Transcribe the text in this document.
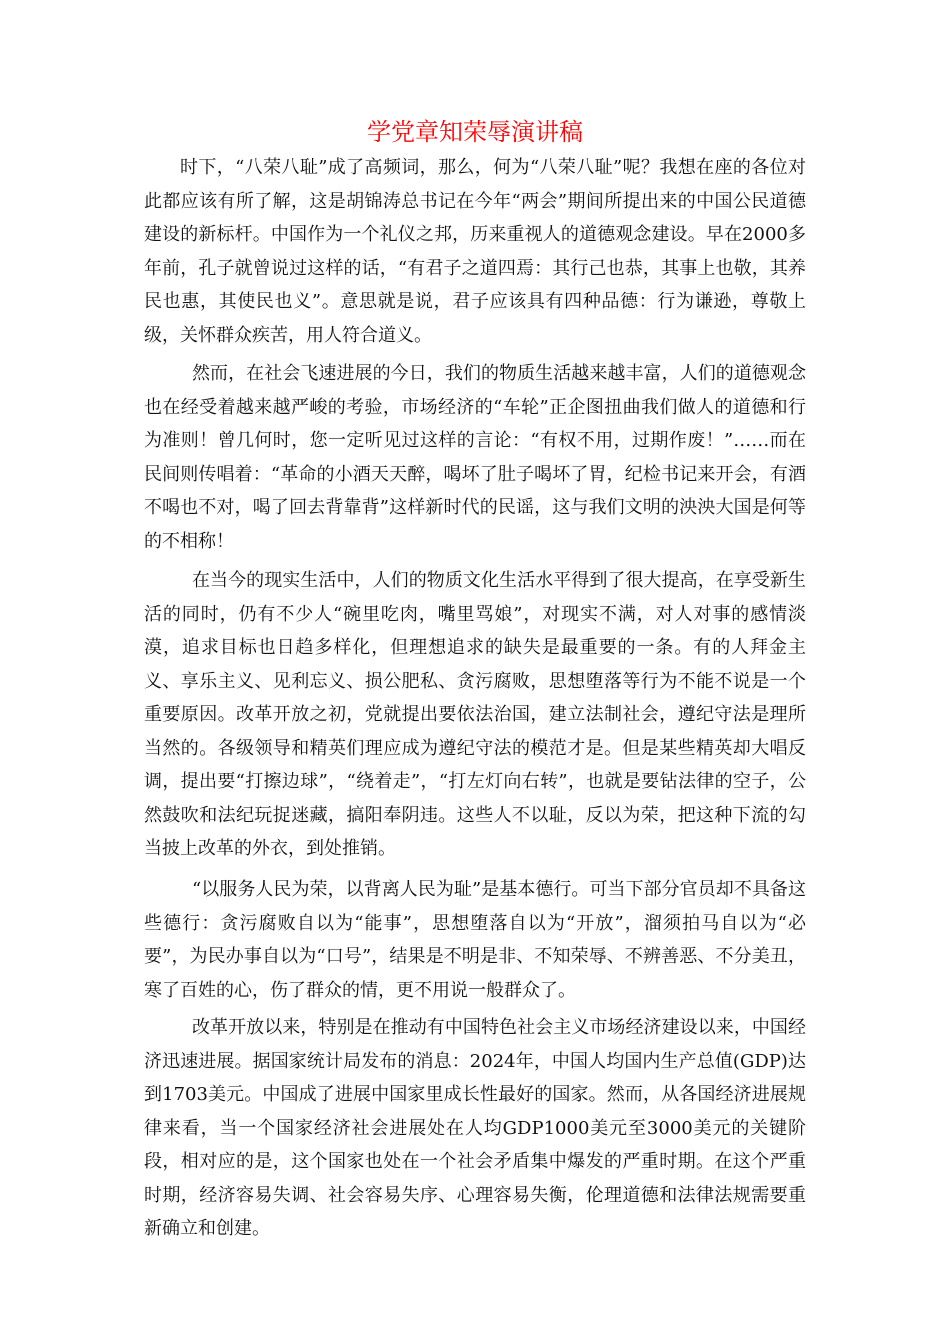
学党章知荣辱演讲稿

时下，“八荣八耻”成了高频词，那么，何为“八荣八耻”呢？我想在座的各位对此都应该有所了解，这是胡锦涛总书记在今年“两会”期间所提出来的中国公民道德建设的新标杆。中国作为一个礼仪之邦，历来重视人的道德观念建设。早在2000多年前，孔子就曾说过这样的话，“有君子之道四焉：其行己也恭，其事上也敬，其养民也惠，其使民也义”。意思就是说，君子应该具有四种品德：行为谦逊，尊敬上级，关怀群众疾苦，用人符合道义。

然而，在社会飞速进展的今日，我们的物质生活越来越丰富，人们的道德观念也在经受着越来越严峻的考验，市场经济的“车轮”正企图扭曲我们做人的道德和行为准则！曾几何时，您一定听见过这样的言论：“有权不用，过期作废！”……而在民间则传唱着：“革命的小酒天天醉，喝坏了肚子喝坏了胃，纪检书记来开会，有酒不喝也不对，喝了回去背靠背”这样新时代的民谣，这与我们文明的泱泱大国是何等的不相称！

在当今的现实生活中，人们的物质文化生活水平得到了很大提高，在享受新生活的同时，仍有不少人“碗里吃肉，嘴里骂娘”，对现实不满，对人对事的感情淡漠，追求目标也日趋多样化，但理想追求的缺失是最重要的一条。有的人拜金主义、享乐主义、见利忘义、损公肥私、贪污腐败，思想堕落等行为不能不说是一个重要原因。改革开放之初，党就提出要依法治国，建立法制社会，遵纪守法是理所当然的。各级领导和精英们理应成为遵纪守法的模范才是。但是某些精英却大唱反调，提出要“打擦边球”，“绕着走”，“打左灯向右转”，也就是要钻法律的空子，公然鼓吹和法纪玩捉迷藏，搞阳奉阴违。这些人不以耻，反以为荣，把这种下流的勾当披上改革的外衣，到处推销。

“以服务人民为荣，以背离人民为耻”是基本德行。可当下部分官员却不具备这些德行：贪污腐败自以为“能事”，思想堕落自以为“开放”，溜须拍马自以为“必要”，为民办事自以为“口号”，结果是不明是非、不知荣辱、不辨善恶、不分美丑，寒了百姓的心，伤了群众的情，更不用说一般群众了。

改革开放以来，特别是在推动有中国特色社会主义市场经济建设以来，中国经济迅速进展。据国家统计局发布的消息：2024年，中国人均国内生产总值(GDP)达到1703美元。中国成了进展中国家里成长性最好的国家。然而，从各国经济进展规律来看，当一个国家经济社会进展处在人均GDP1000美元至3000美元的关键阶段，相对应的是，这个国家也处在一个社会矛盾集中爆发的严重时期。在这个严重时期，经济容易失调、社会容易失序、心理容易失衡，伦理道德和法律法规需要重新确立和创建。
